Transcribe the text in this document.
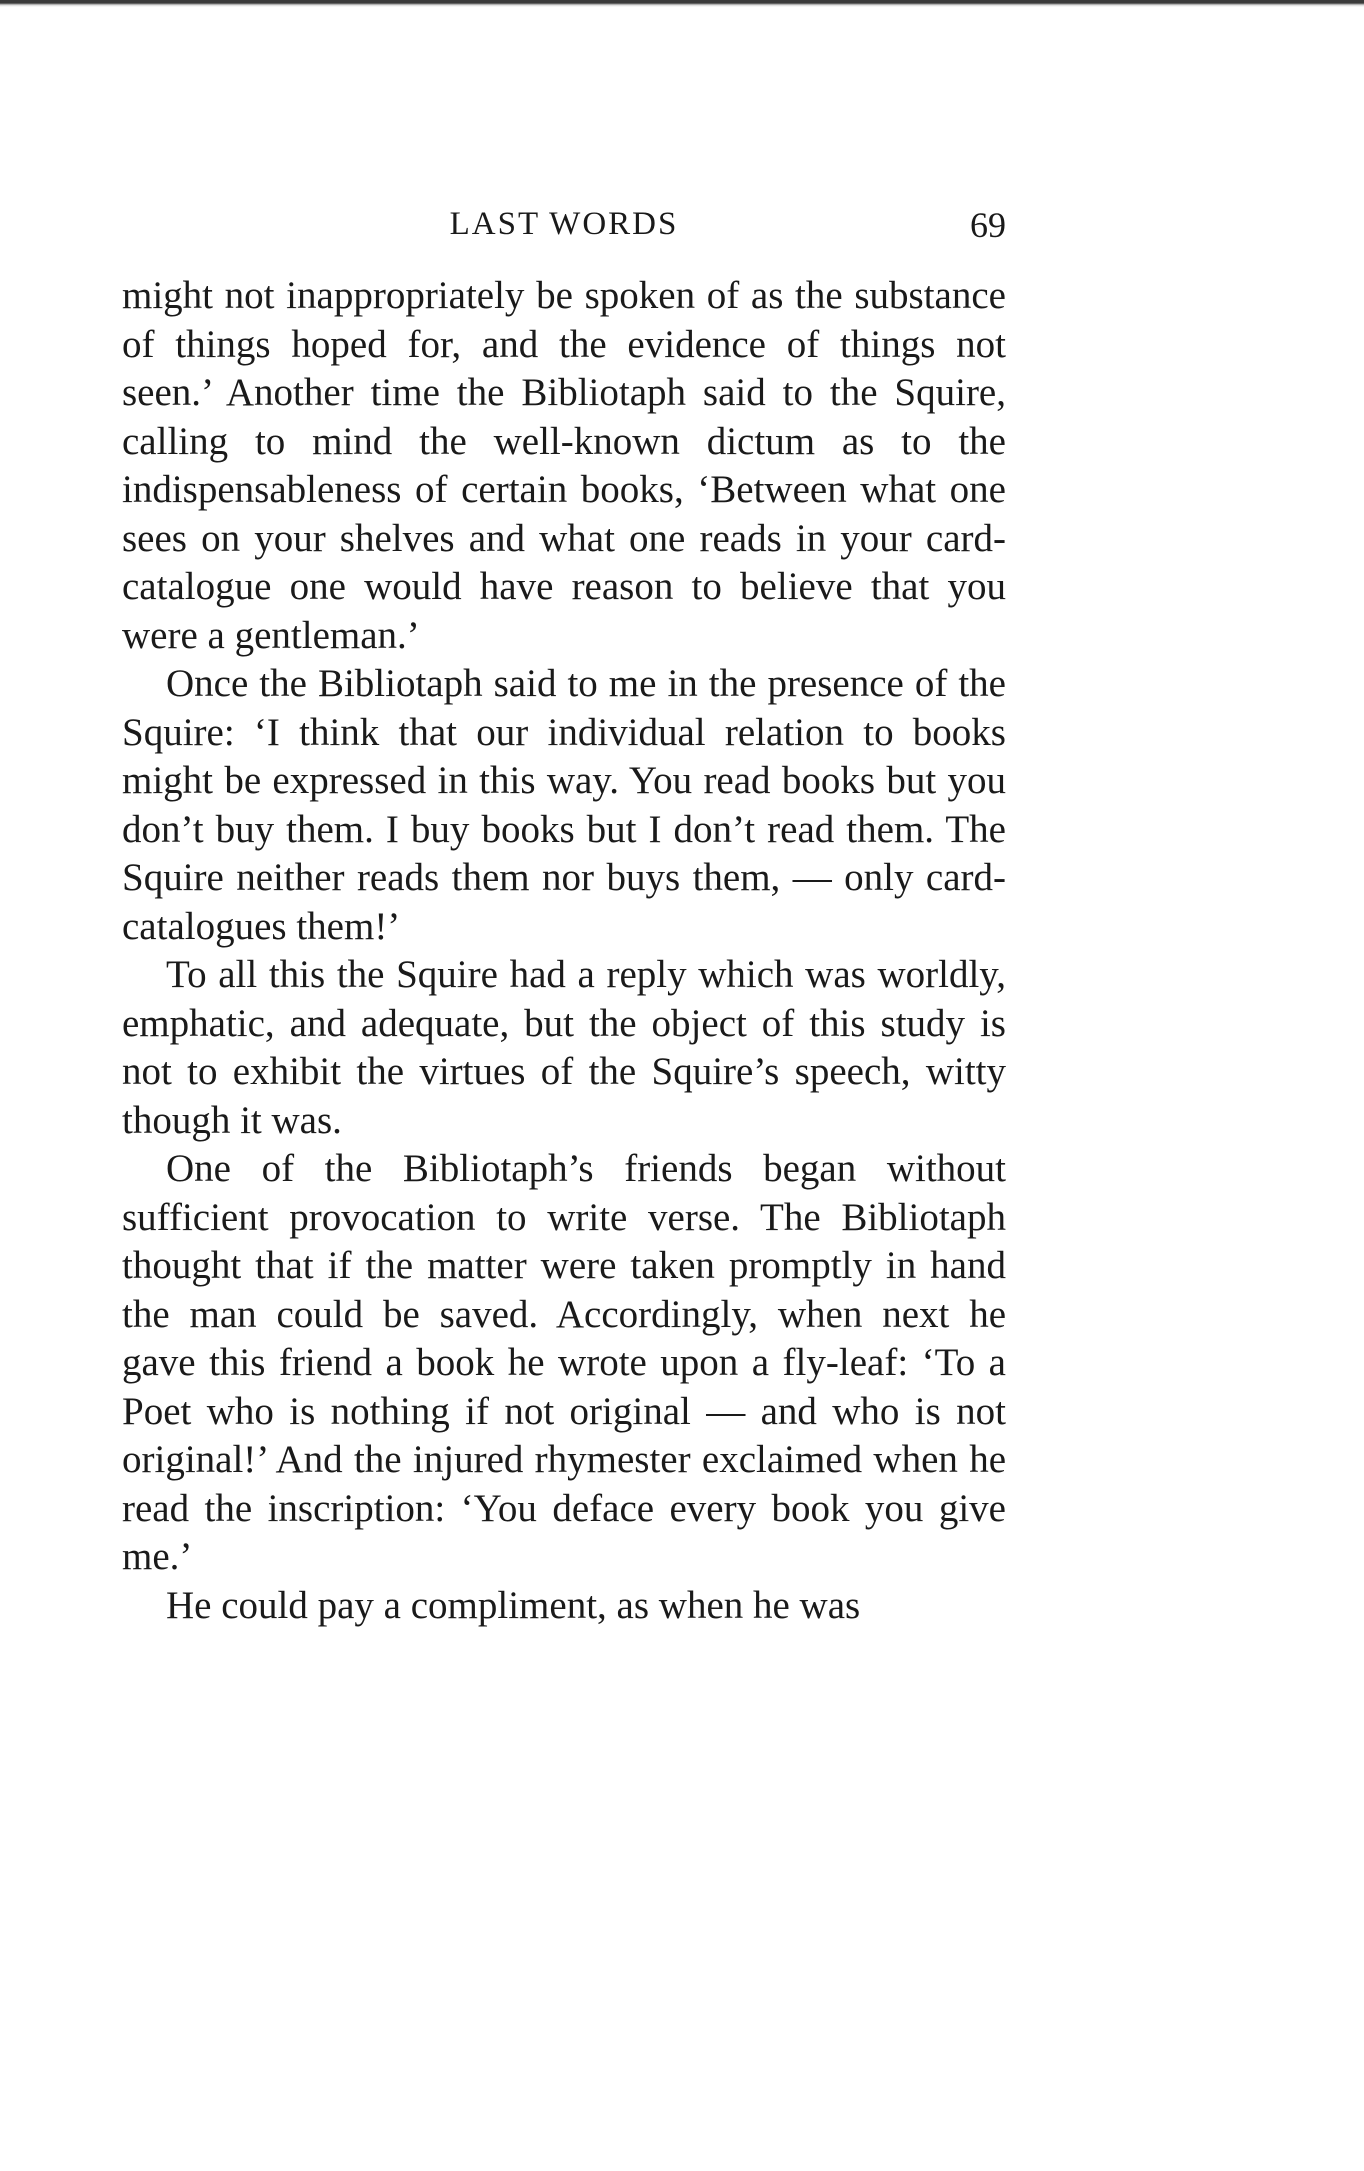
LAST WORDS	69

might not inappropriately be spoken of as the substance of things hoped for, and the evidence of things not seen.’ Another time the Bibliotaph said to the Squire, calling to mind the well-known dictum as to the indispensableness of certain books, ‘Between what one sees on your shelves and what one reads in your card-catalogue one would have reason to believe that you were a gentleman.’

Once the Bibliotaph said to me in the presence of the Squire: ‘I think that our individual relation to books might be expressed in this way. You read books but you don’t buy them. I buy books but I don’t read them. The Squire neither reads them nor buys them, — only card-catalogues them!’

To all this the Squire had a reply which was worldly, emphatic, and adequate, but the object of this study is not to exhibit the virtues of the Squire’s speech, witty though it was.

One of the Bibliotaph’s friends began without sufficient provocation to write verse. The Bibliotaph thought that if the matter were taken promptly in hand the man could be saved. Accordingly, when next he gave this friend a book he wrote upon a fly-leaf: ‘To a Poet who is nothing if not original — and who is not original!’ And the injured rhymester exclaimed when he read the inscription: ‘You deface every book you give me.’

He could pay a compliment, as when he was
